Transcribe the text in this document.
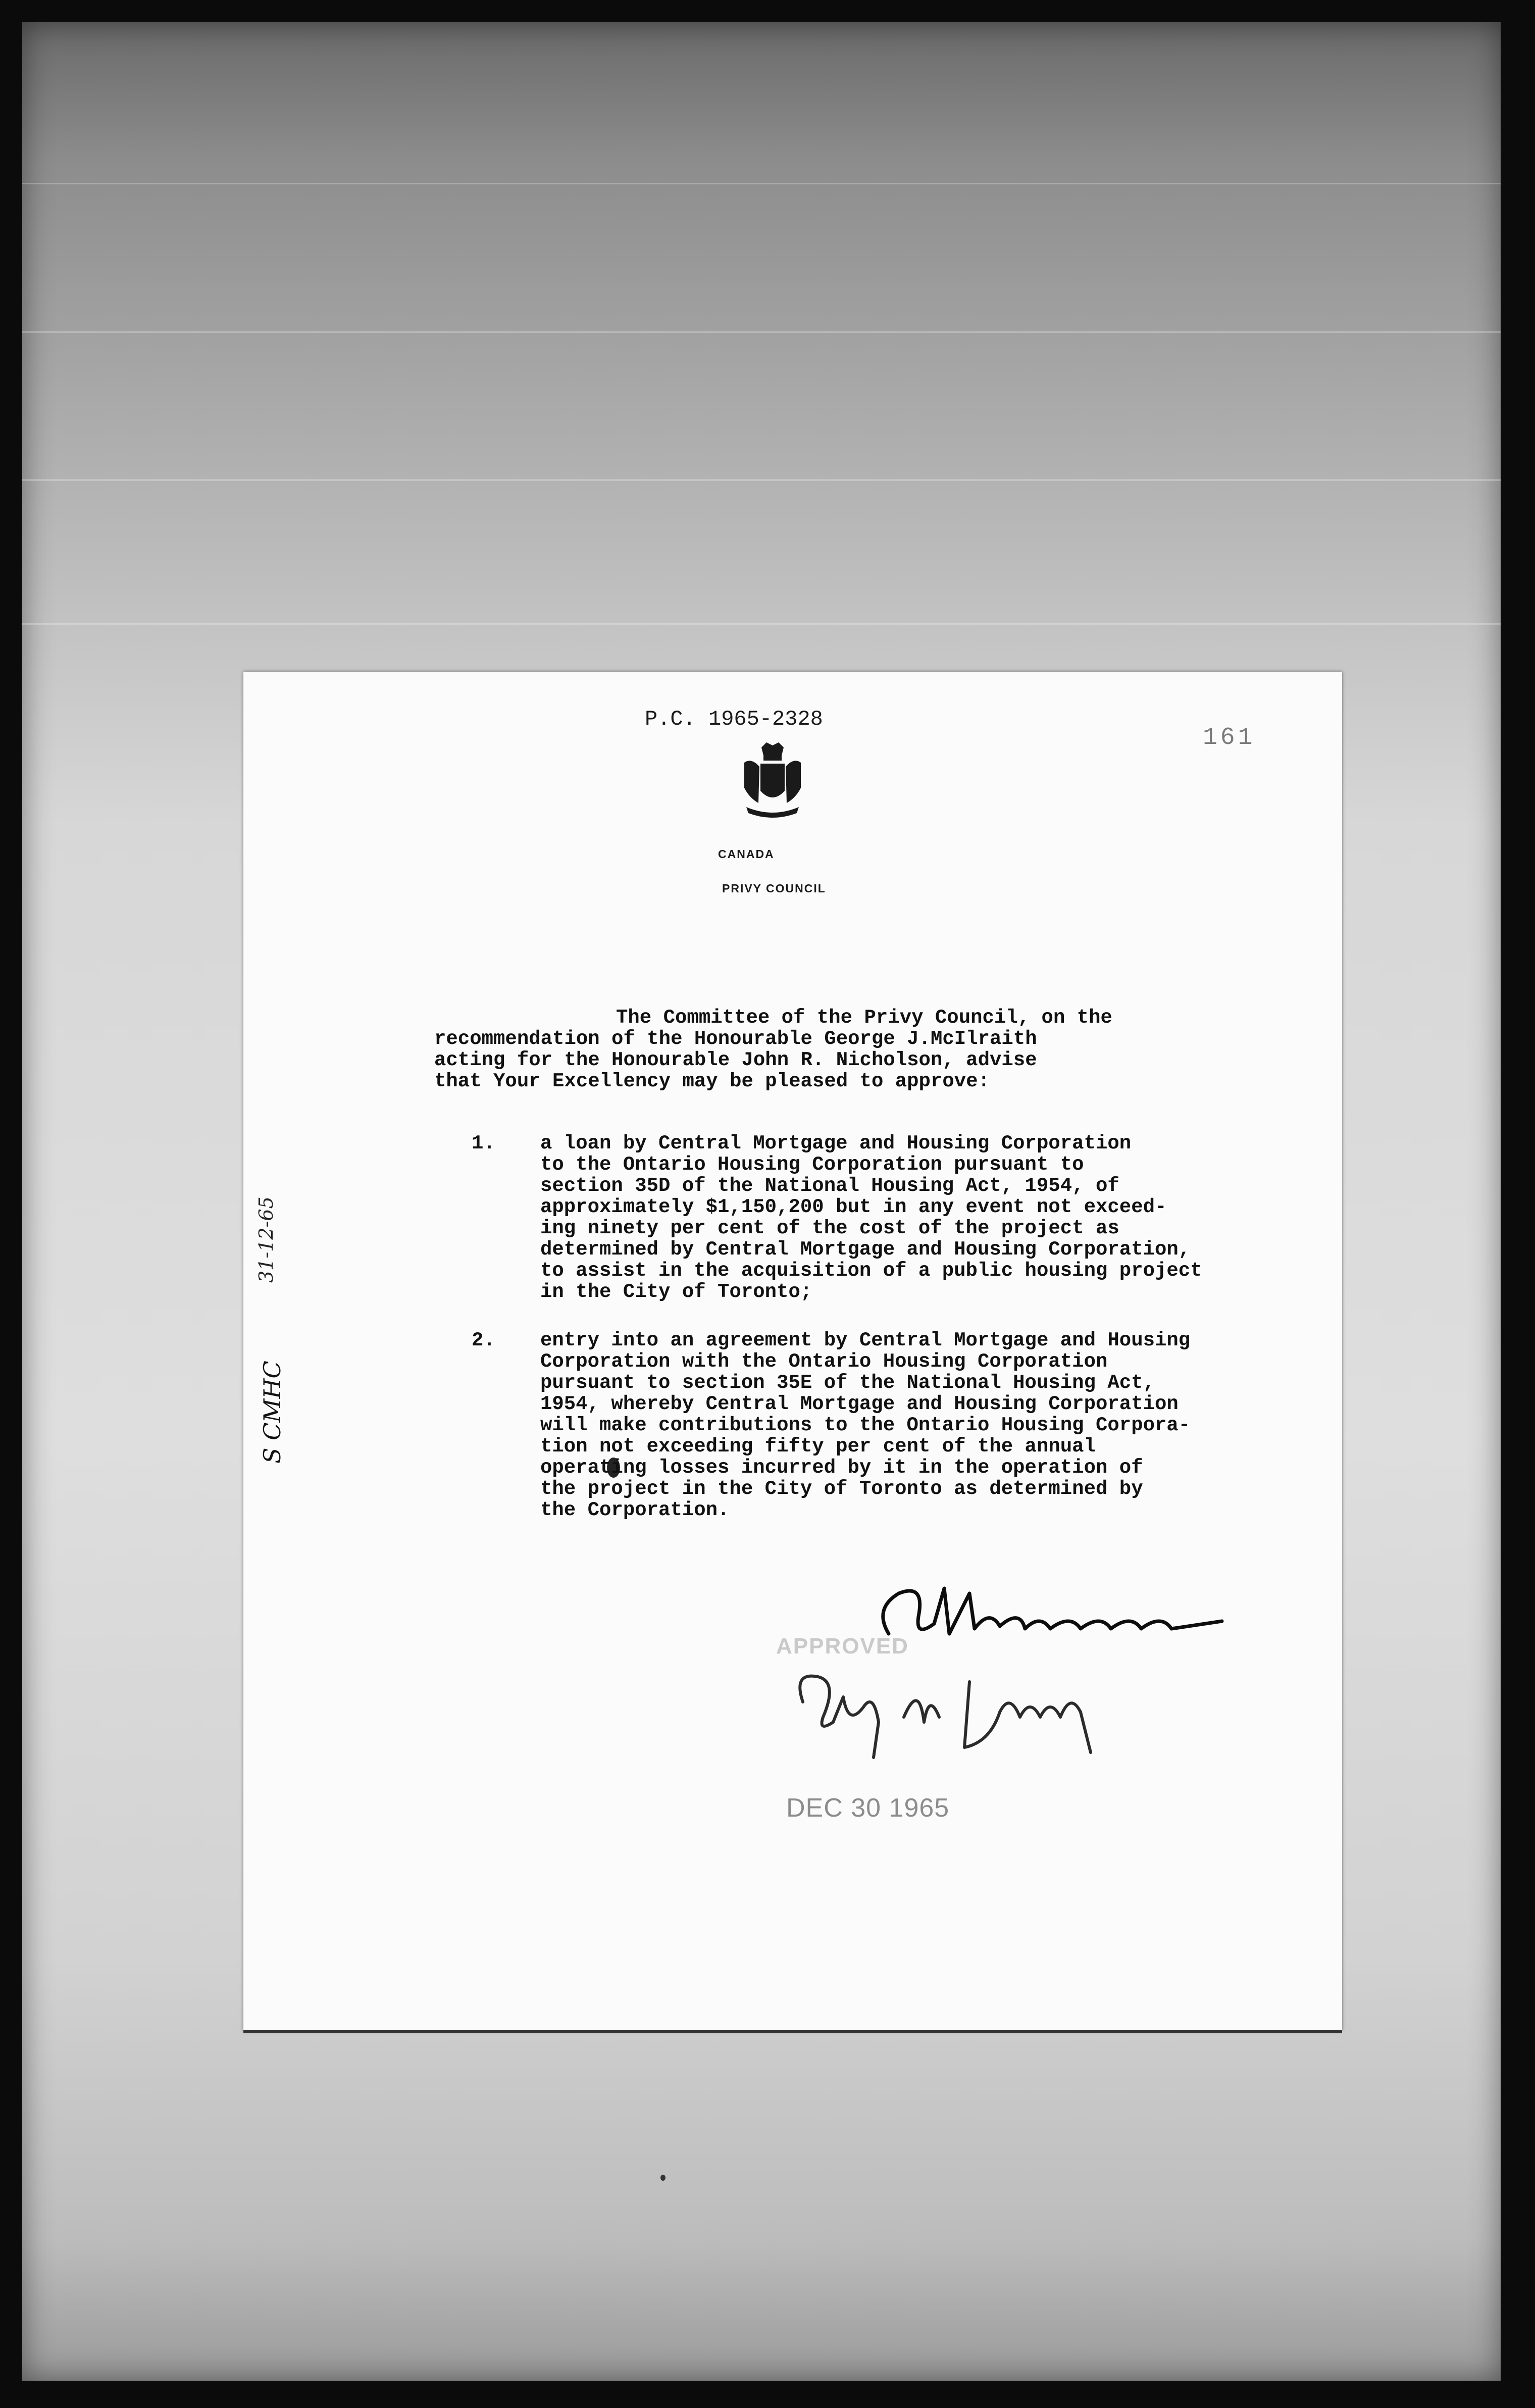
P.C. 1965-2328
161
CANADA
PRIVY COUNCIL
The Committee of the Privy Council, on the
recommendation of the Honourable George J.McIlraith
acting for the Honourable John R. Nicholson, advise
that Your Excellency may be pleased to approve:
1. a loan by Central Mortgage and Housing Corporation
to the Ontario Housing Corporation pursuant to
section 35D of the National Housing Act, 1954, of
approximately $1,150,200 but in any event not exceed-
ing ninety per cent of the cost of the project as
determined by Central Mortgage and Housing Corporation,
to assist in the acquisition of a public housing project
in the City of Toronto;
2. entry into an agreement by Central Mortgage and Housing
Corporation with the Ontario Housing Corporation
pursuant to section 35E of the National Housing Act,
1954, whereby Central Mortgage and Housing Corporation
will make contributions to the Ontario Housing Corpora-
tion not exceeding fifty per cent of the annual
operating losses incurred by it in the operation of
the project in the City of Toronto as determined by
the Corporation.
APPROVED
DEC 30 1965
31-12-65
S CMHC
